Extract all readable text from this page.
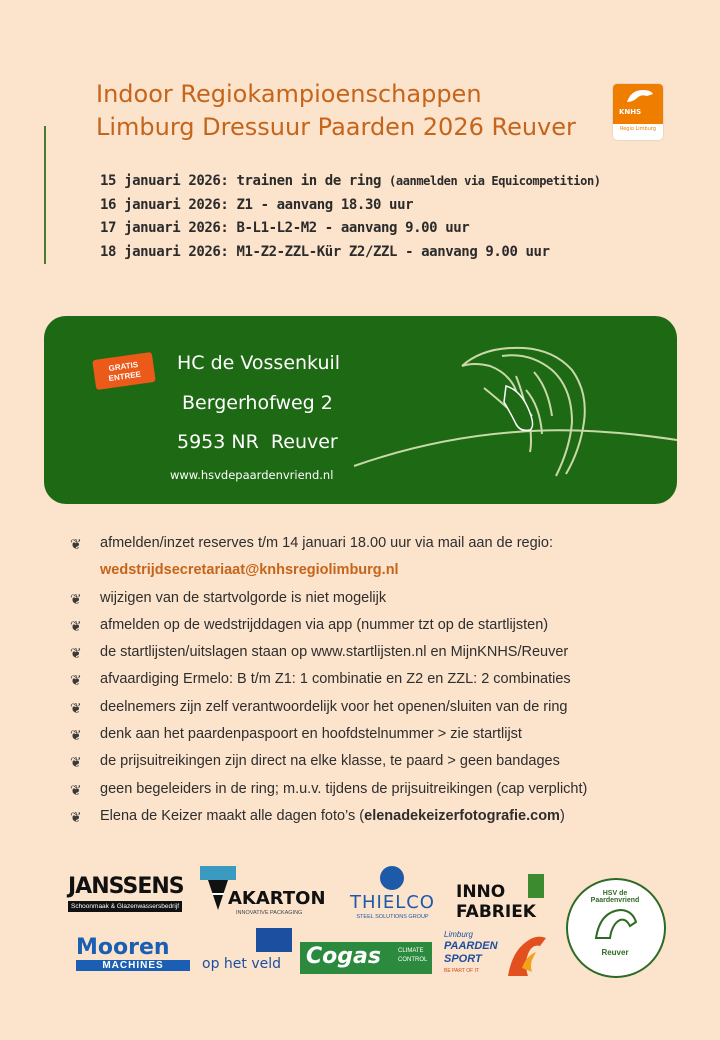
Indoor Regiokampioenschappen
Limburg Dressuur Paarden 2026 Reuver
KNHS
Regio Limburg
15 januari 2026: trainen in de ring (aanmelden via Equicompetition)
16 januari 2026: Z1 - aanvang 18.30 uur
17 januari 2026: B-L1-L2-M2 - aanvang 9.00 uur
18 januari 2026: M1-Z2-ZZL-Kür Z2/ZZL - aanvang 9.00 uur
GRATIS
ENTREE
HC de Vossenkuil
Bergerhofweg 2
5953 NR Reuver
www.hsvdepaardenvriend.nl
❦ afmelden/inzet reserves t/m 14 januari 18.00 uur via mail aan de regio:
wedstrijdsecretariaat@knhsregiolimburg.nl
❦ wijzigen van de startvolgorde is niet mogelijk
❦ afmelden op de wedstrijddagen via app (nummer tzt op de startlijsten)
❦ de startlijsten/uitslagen staan op www.startlijsten.nl en MijnKNHS/Reuver
❦ afvaardiging Ermelo: B t/m Z1: 1 combinatie en Z2 en ZZL: 2 combinaties
❦ deelnemers zijn zelf verantwoordelijk voor het openen/sluiten van de ring
❦ denk aan het paardenpaspoort en hoofdstelnummer > zie startlijst
❦ de prijsuitreikingen zijn direct na elke klasse, te paard > geen bandages
❦ geen begeleiders in de ring; m.u.v. tijdens de prijsuitreikingen (cap verplicht)
❦ Elena de Keizer maakt alle dagen foto’s (elenadekeizerfotografie.com)
JANSSENS
Schoonmaak & Glazenwassersbedrijf	AKARTON
INNOVATIVE PACKAGING	THIELCO
STEEL SOLUTIONS GROUP
INNO
FABRIEK
HSV de Paardenvriend
Reuver
Mooren
MACHINES	op het veld Cogas	CLIMATE
CONTROL
Limburg
PAARDEN
SPORT
BE PART OF IT
